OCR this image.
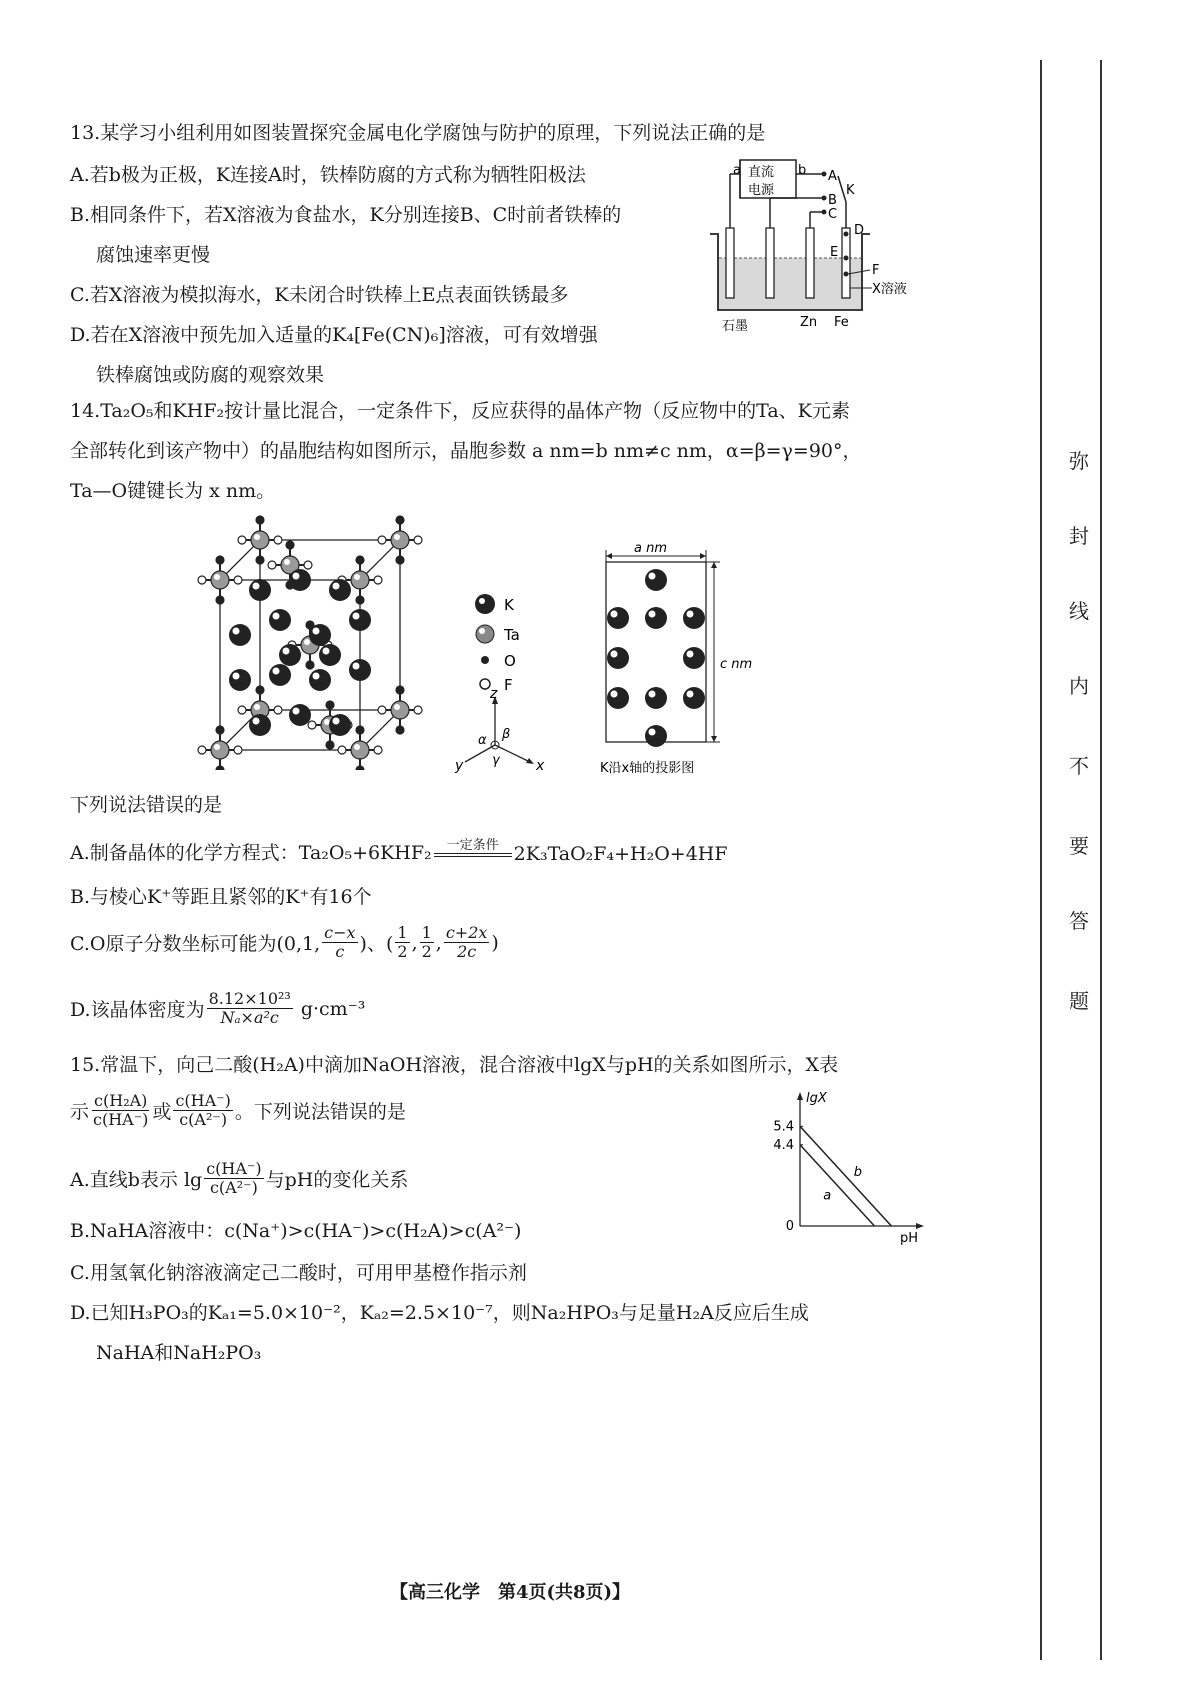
13.某学习小组利用如图装置探究金属电化学腐蚀与防护的原理，下列说法正确的是
A.若b极为正极，K连接A时，铁棒防腐的方式称为牺牲阳极法
B.相同条件下，若X溶液为食盐水，K分别连接B、C时前者铁棒的
腐蚀速率更慢
C.若X溶液为模拟海水，K未闭合时铁棒上E点表面铁锈最多
D.若在X溶液中预先加入适量的K₄[Fe(CN)₆]溶液，可有效增强
铁棒腐蚀或防腐的观察效果
a	b
直流
电源
A
B
C
K
D
E
F
X溶液
石墨	Zn Fe
14.Ta₂O₅和KHF₂按计量比混合，一定条件下，反应获得的晶体产物（反应物中的Ta、K元素
全部转化到该产物中）的晶胞结构如图所示，晶胞参数 a nm=b nm≠c nm，α=β=γ=90°，
Ta—O键键长为 x nm。
K
Ta
O
F
z
y	x
α β
γ
a nm
c nm
K沿x轴的投影图
下列说法错误的是
A.制备晶体的化学方程式：Ta₂O₅+6KHF₂ 一定条件 2K₃TaO₂F₄+H₂O+4HF
B.与棱心K⁺等距且紧邻的K⁺有16个
C.O原子分数坐标可能为(0,1, $\frac{c-x}{c}$ )、( $\frac{1}{2}$ , $\frac{1}{2}$ , $\frac{c+2x}{2c}$ )
D.该晶体密度为 $\frac{\text{8.12×10²³}}{\text{Nₐ×a²c}} g\cdot cm^{-3}$
15.常温下，向己二酸(H₂A)中滴加NaOH溶液，混合溶液中lgX与pH的关系如图所示，X表
示 $\frac{\text{c(H₂A)}}{c(HA^-)}$ 或 $\frac{c(HA^-)}{\text{c(A²⁻)}}$ 。下列说法错误的是
A.直线b表示 $\lg \frac{c(HA^-)}{\text{c(A²⁻)}}$ 与pH的变化关系
B.NaHA溶液中：c(Na⁺)>c(HA⁻)>c(H₂A)>c(A²⁻)
C.用氢氧化钠溶液滴定己二酸时，可用甲基橙作指示剂
D.已知H₃PO₃的Kₐ₁=5.0×10⁻²，Kₐ₂=2.5×10⁻⁷，则Na₂HPO₃与足量H₂A反应后生成
NaHA和NaH₂PO₃
lgX
pH
a
b
5.4
4.4
0
弥
封
线
内
不
要
答
题
【高三化学　第4页(共8页)】
